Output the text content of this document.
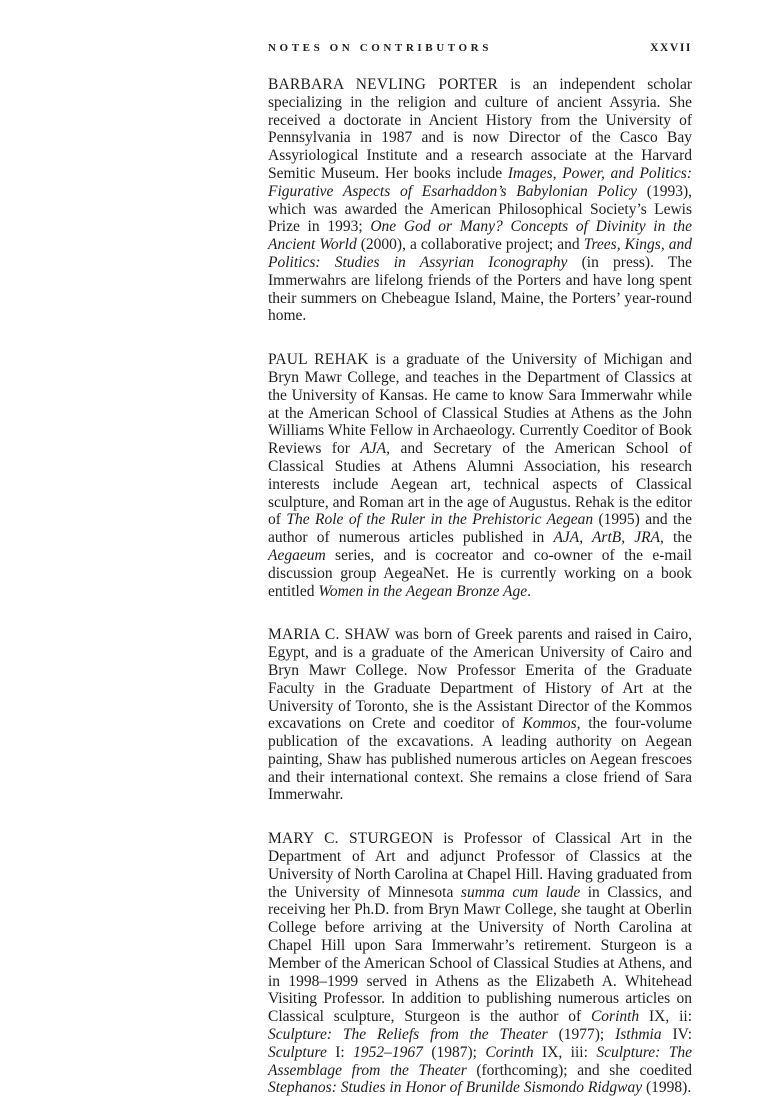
NOTES ON CONTRIBUTORS	XXVII

BARBARA NEVLING PORTER is an independent scholar specializing in the religion and culture of ancient Assyria. She received a doctorate in Ancient History from the University of Pennsylvania in 1987 and is now Director of the Casco Bay Assyriological Institute and a research associate at the Harvard Semitic Museum. Her books include Images, Power, and Politics: Figurative Aspects of Esarhaddon’s Babylonian Policy (1993), which was awarded the American Philosophical Society’s Lewis Prize in 1993; One God or Many? Concepts of Divinity in the Ancient World (2000), a collaborative project; and Trees, Kings, and Politics: Studies in Assyrian Iconography (in press). The Immerwahrs are lifelong friends of the Porters and have long spent their summers on Chebeague Island, Maine, the Porters’ year-round home.

PAUL REHAK is a graduate of the University of Michigan and Bryn Mawr College, and teaches in the Department of Classics at the University of Kansas. He came to know Sara Immerwahr while at the American School of Classical Studies at Athens as the John Williams White Fellow in Archaeology. Currently Coeditor of Book Reviews for AJA, and Secretary of the American School of Classical Studies at Athens Alumni Association, his research interests include Aegean art, technical aspects of Classical sculpture, and Roman art in the age of Augustus. Rehak is the editor of The Role of the Ruler in the Prehistoric Aegean (1995) and the author of numerous articles published in AJA, ArtB, JRA, the Aegaeum series, and is cocreator and co-owner of the e-mail discussion group AegeaNet. He is currently working on a book entitled Women in the Aegean Bronze Age.

MARIA C. SHAW was born of Greek parents and raised in Cairo, Egypt, and is a graduate of the American University of Cairo and Bryn Mawr College. Now Professor Emerita of the Graduate Faculty in the Graduate Department of History of Art at the University of Toronto, she is the Assistant Director of the Kommos excavations on Crete and coeditor of Kommos, the four-volume publication of the excavations. A leading authority on Aegean painting, Shaw has published numerous articles on Aegean frescoes and their international context. She remains a close friend of Sara Immerwahr.

MARY C. STURGEON is Professor of Classical Art in the Department of Art and adjunct Professor of Classics at the University of North Carolina at Chapel Hill. Having graduated from the University of Minnesota summa cum laude in Classics, and receiving her Ph.D. from Bryn Mawr College, she taught at Oberlin College before arriving at the University of North Carolina at Chapel Hill upon Sara Immerwahr’s retirement. Sturgeon is a Member of the American School of Classical Studies at Athens, and in 1998–1999 served in Athens as the Elizabeth A. Whitehead Visiting Professor. In addition to publishing numerous articles on Classical sculpture, Sturgeon is the author of Corinth IX, ii: Sculpture: The Reliefs from the Theater (1977); Isthmia IV: Sculpture I: 1952–1967 (1987); Corinth IX, iii: Sculpture: The Assemblage from the Theater (forthcoming); and she coedited Stephanos: Studies in Honor of Brunilde Sismondo Ridgway (1998).
